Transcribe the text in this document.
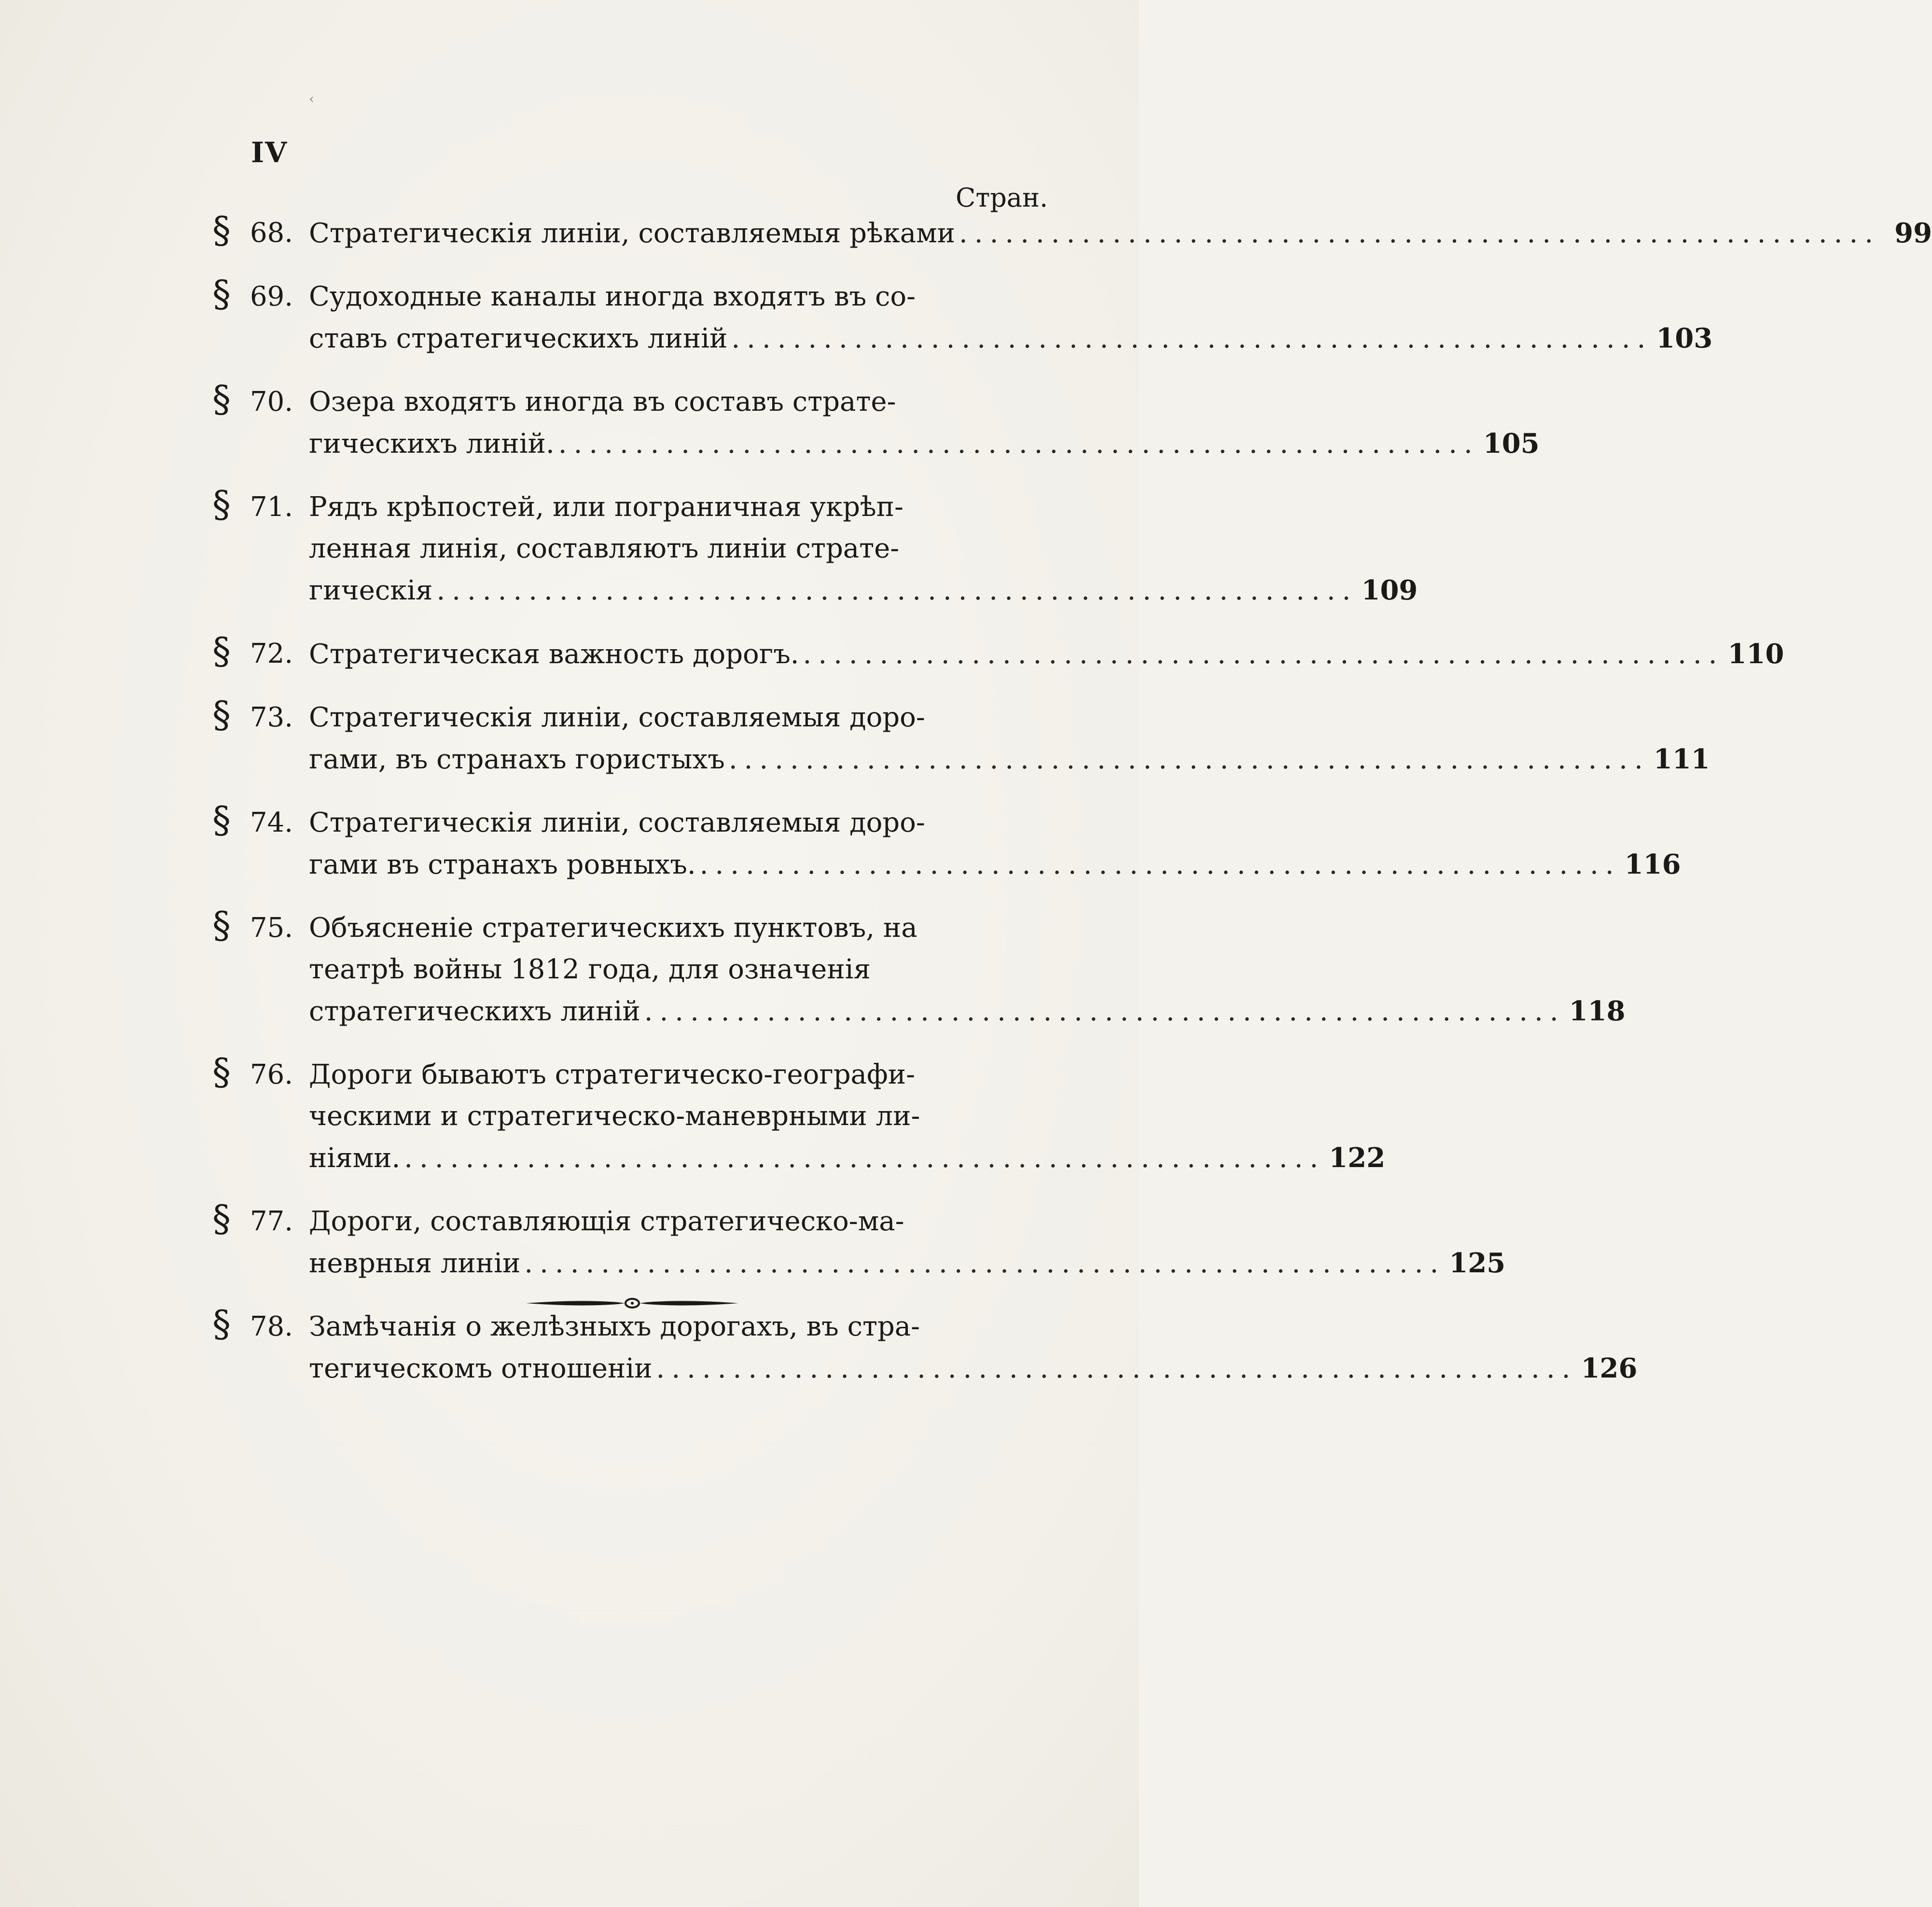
‹
IV
Стран.
§ 68. Стратегическія линіи, составляемыя рѣками ............................................................ 99
§ 69. Судоходные каналы иногда входятъ въ со-
ставъ стратегическихъ линій ............................................................ 103
§ 70. Озера входятъ иногда въ составъ страте-
гическихъ линій. ............................................................ 105
§ 71. Рядъ крѣпостей, или пограничная укрѣп-
ленная линія, составляютъ линіи страте-
гическія ............................................................ 109
§ 72. Стратегическая важность дорогъ. ............................................................ 110
§ 73. Стратегическія линіи, составляемыя доро-
гами, въ странахъ гористыхъ ............................................................ 111
§ 74. Стратегическія линіи, составляемыя доро-
гами въ странахъ ровныхъ. ............................................................ 116
§ 75. Объясненіе стратегическихъ пунктовъ, на
театрѣ войны 1812 года, для означенія
стратегическихъ линій ............................................................ 118
§ 76. Дороги бываютъ стратегическо-географи-
ческими и стратегическо-маневрными ли-
ніями. ............................................................ 122
§ 77. Дороги, составляющія стратегическо-ма-
неврныя линіи ............................................................ 125
§ 78. Замѣчанія о желѣзныхъ дорогахъ, въ стра-
тегическомъ отношеніи ............................................................ 126
